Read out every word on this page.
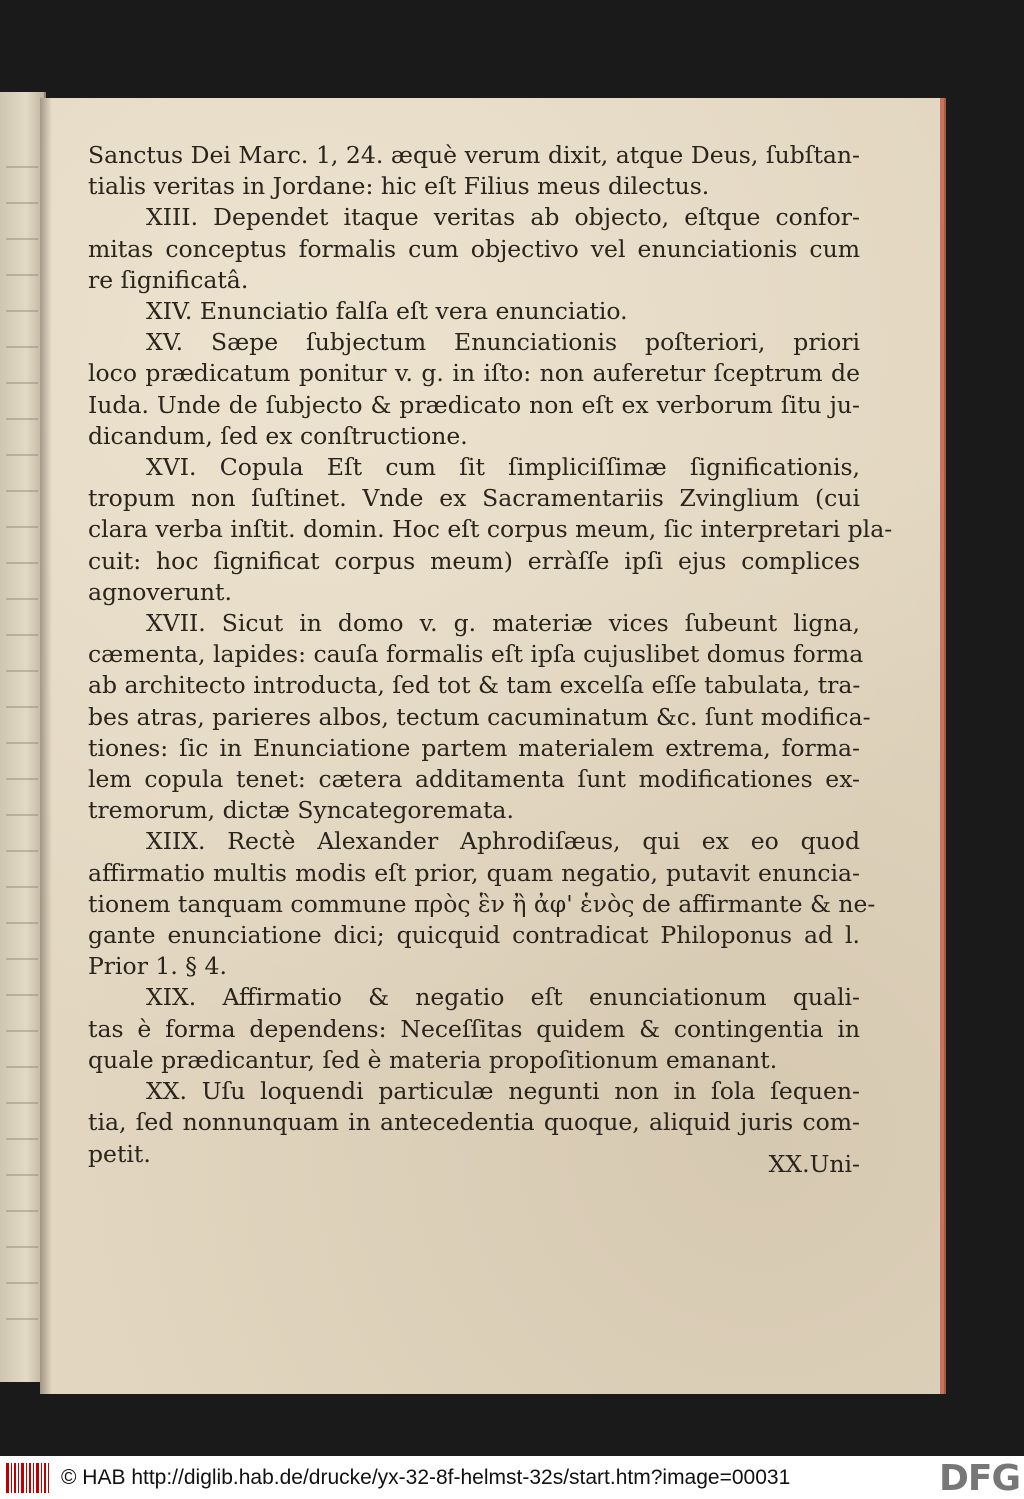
Sanctus Dei Marc. 1, 24. æquè verum dixit, atque Deus, ſubſtan-
tialis veritas in Jordane: hic eſt Filius meus dilectus.
XIII. Dependet itaque veritas ab objecto, eſtque confor-
mitas conceptus formalis cum objectivo vel enunciationis cum
re ſignificatâ.
XIV. Enunciatio falſa eſt vera enunciatio.
XV. Sæpe ſubjectum Enunciationis poſteriori, priori
loco prædicatum ponitur v. g. in iſto: non auferetur ſceptrum de
Iuda. Unde de ſubjecto & prædicato non eſt ex verborum ſitu ju-
dicandum, ſed ex conſtructione.
XVI. Copula Eſt cum ſit ſimpliciſſimæ ſignificationis,
tropum non ſuſtinet. Vnde ex Sacramentariis Zvinglium (cui
clara verba inſtit. domin. Hoc eſt corpus meum, ſic interpretari pla-
cuit: hoc ſignificat corpus meum) erràſſe ipſi ejus complices
agnoverunt.
XVII. Sicut in domo v. g. materiæ vices ſubeunt ligna,
cæmenta, lapides: cauſa formalis eſt ipſa cujuslibet domus forma
ab architecto introducta, ſed tot & tam excelſa eſſe tabulata, tra-
bes atras, parieres albos, tectum cacuminatum &c. ſunt modifica-
tiones: ſic in Enunciatione partem materialem extrema, forma-
lem copula tenet: cætera additamenta ſunt modificationes ex-
tremorum, dictæ Syncategoremata.
XIIX. Rectè Alexander Aphrodiſæus, qui ex eo quod
affirmatio multis modis eſt prior, quam negatio, putavit enuncia-
tionem tanquam commune πρὸς ἓν ἢ ἀφ' ἑνὸς de affirmante & ne-
gante enunciatione dici; quicquid contradicat Philoponus ad l.
Prior 1. § 4.
XIX. Affirmatio & negatio eſt enunciationum quali-
tas è forma dependens: Neceſſitas quidem & contingentia in
quale prædicantur, ſed è materia propoſitionum emanant.
XX. Uſu loquendi particulæ negunti non in ſola ſequen-
tia, ſed nonnunquam in antecedentia quoque, aliquid juris com-
petit.	XX.Uni-
© HAB http://diglib.hab.de/drucke/yx-32-8f-helmst-32s/start.htm?image=00031	DFG
